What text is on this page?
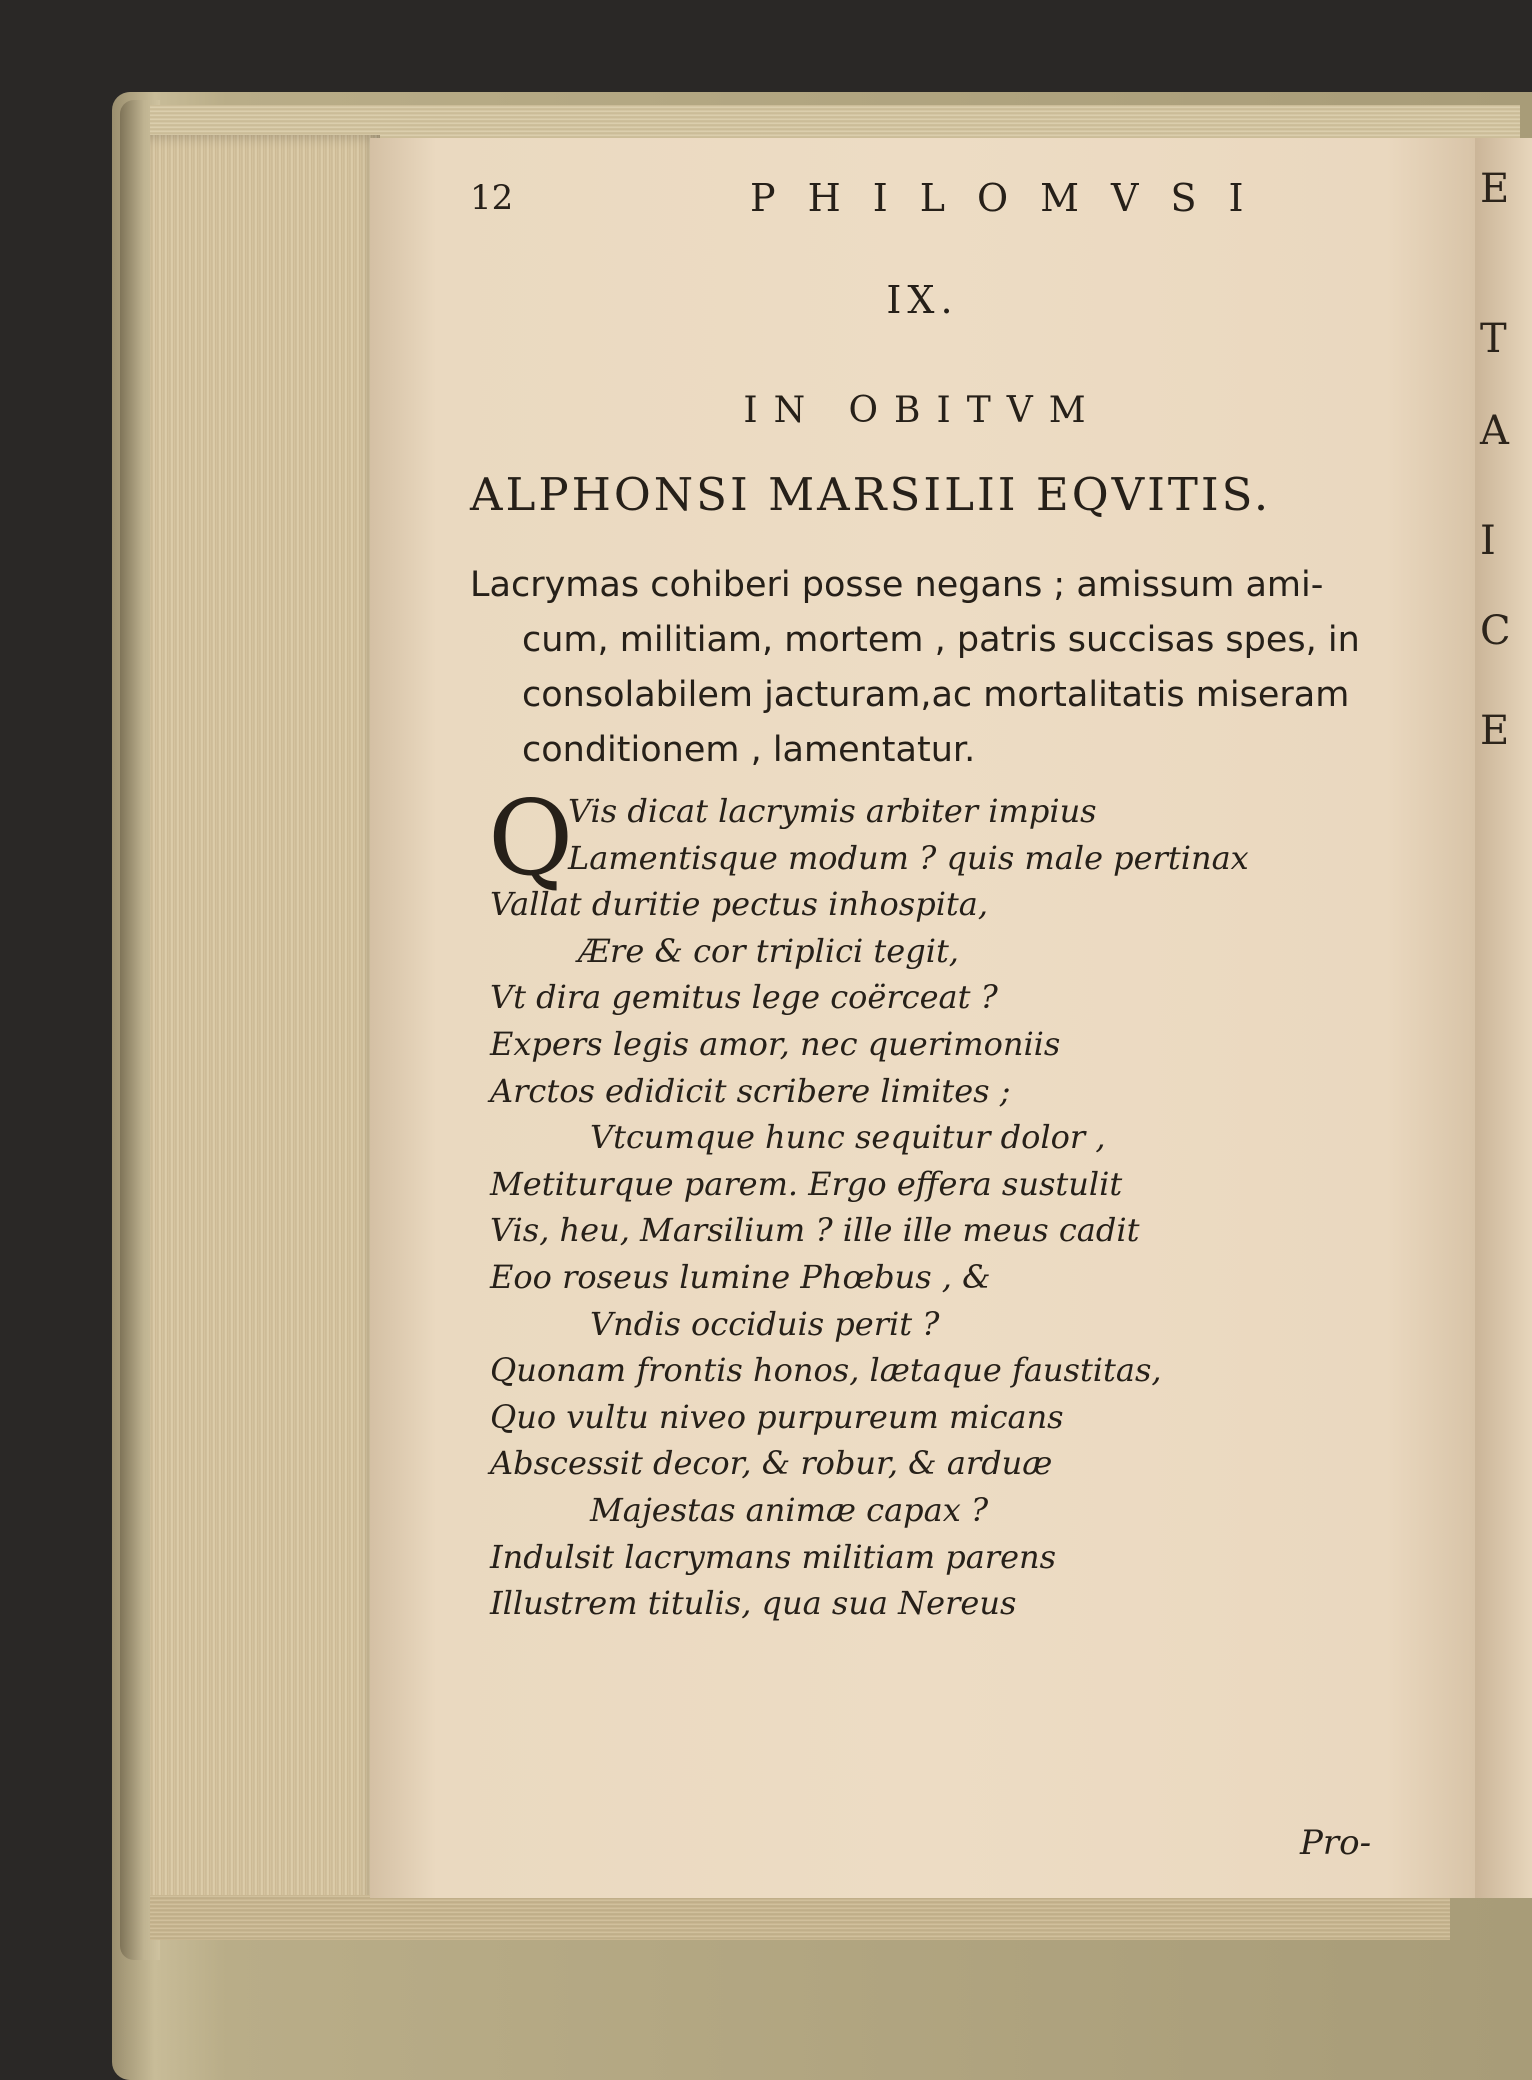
E
T
A
I
C
E
12	PHILOMVSI
IX.
IN OBITVM
ALPHONSI MARSILII EQVITIS.
Lacrymas cohiberi posse negans ; amissum ami-
cum, militiam, mortem , patris succisas spes, in
consolabilem jacturam,ac mortalitatis miseram
conditionem , lamentatur.
Q
Vis dicat lacrymis arbiter impius
Lamentisque modum ? quis male pertinax
Vallat duritie pectus inhospita,
Ære & cor triplici tegit,
Vt dira gemitus lege coërceat ?
Expers legis amor, nec querimoniis
Arctos edidicit scribere limites ;
Vtcumque hunc sequitur dolor ,
Metiturque parem. Ergo effera sustulit
Vis, heu, Marsilium ? ille ille meus cadit
Eoo roseus lumine Phœbus , &
Vndis occiduis perit ?
Quonam frontis honos, lætaque faustitas,
Quo vultu niveo purpureum micans
Abscessit decor, & robur, & arduæ
Majestas animæ capax ?
Indulsit lacrymans militiam parens
Illustrem titulis, qua sua Nereus
Pro-
